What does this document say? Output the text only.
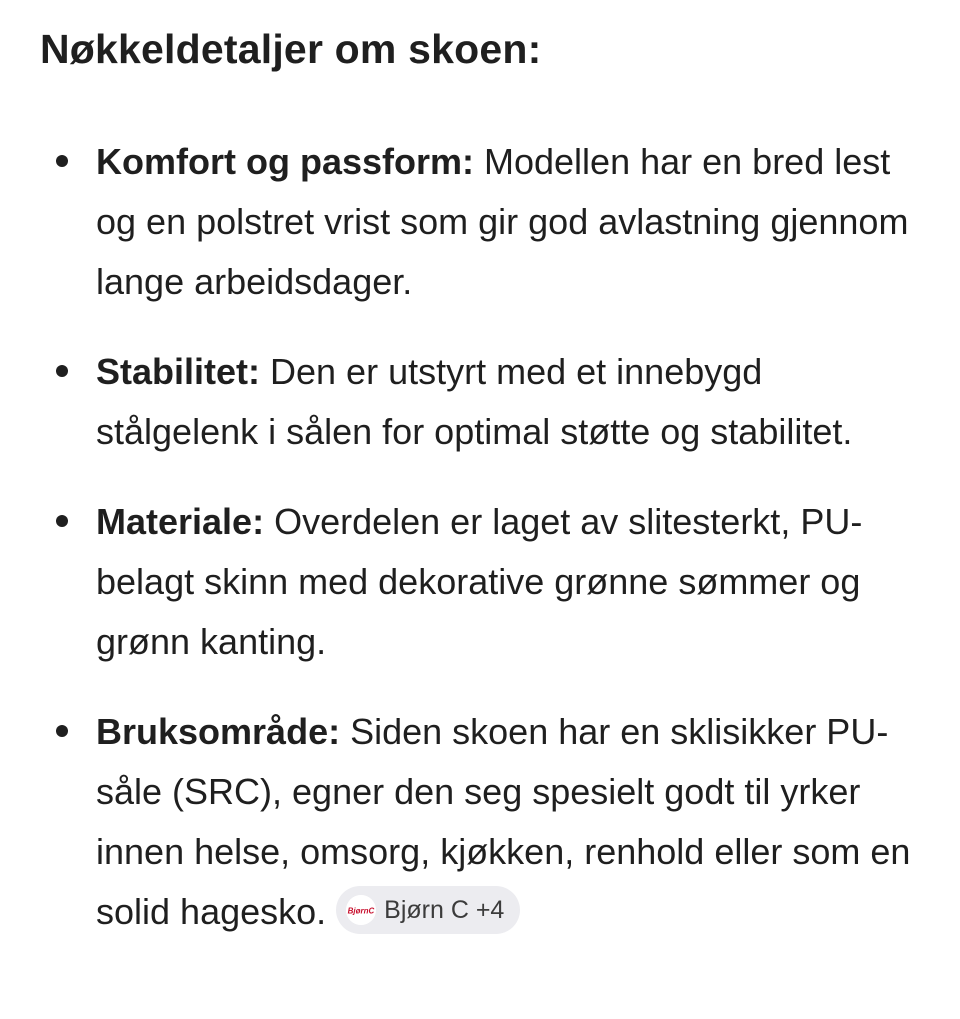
Nøkkeldetaljer om skoen:
Komfort og passform: Modellen har en bred lest og en polstret vrist som gir god avlastning gjennom lange arbeidsdager.
Stabilitet: Den er utstyrt med et innebygd stålgelenk i sålen for optimal støtte og stabilitet.
Materiale: Overdelen er laget av slitesterkt, PU-belagt skinn med dekorative grønne sømmer og grønn kanting.
Bruksområde: Siden skoen har en sklisikker PU-såle (SRC), egner den seg spesielt godt til yrker innen helse, omsorg, kjøkken, renhold eller som en solid hagesko.	BjørnC Bjørn C +4
